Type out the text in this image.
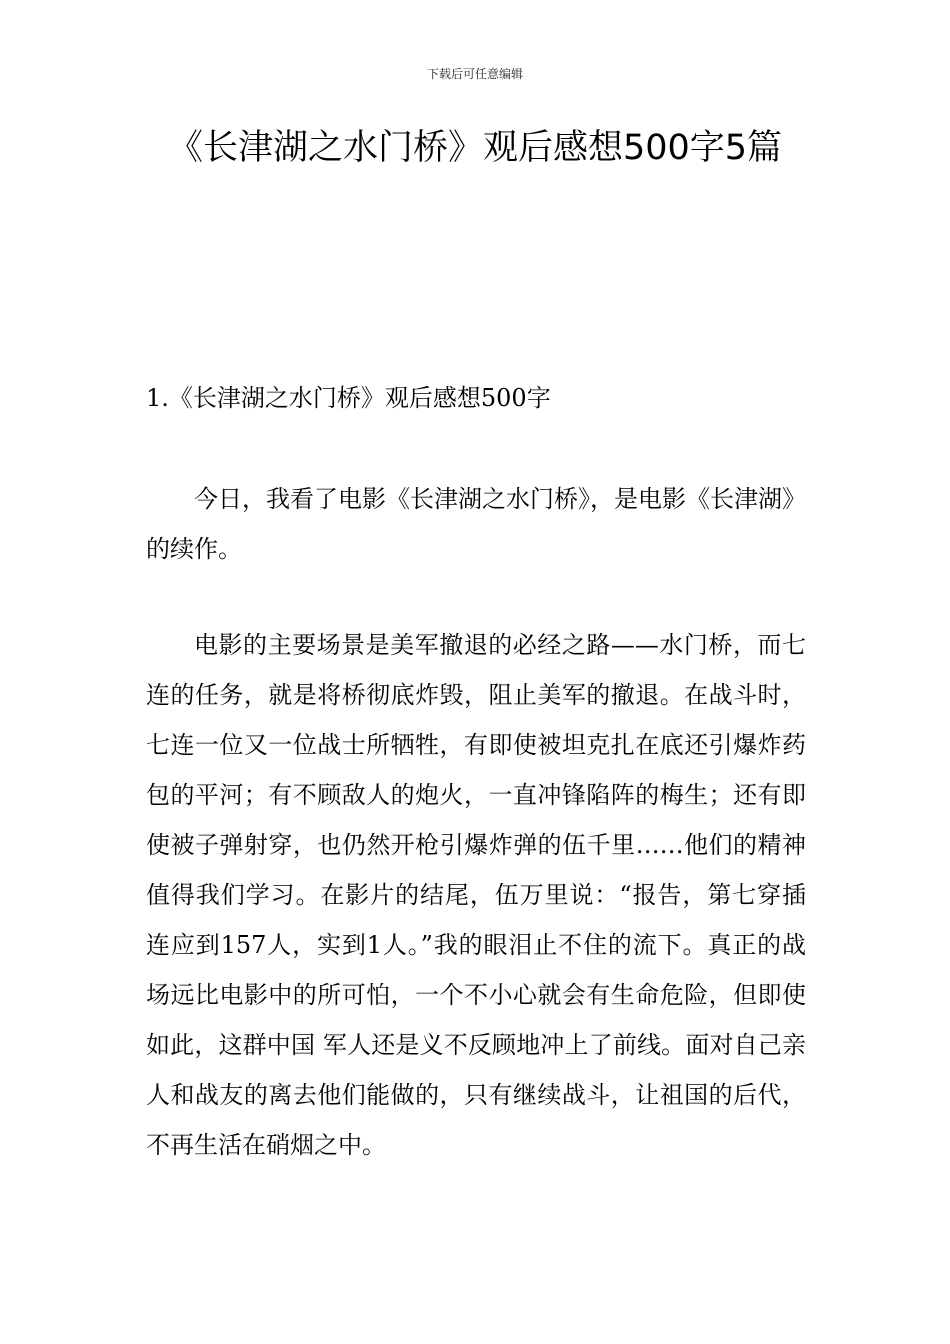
下载后可任意编辑
《长津湖之水门桥》观后感想500字5篇
1.《长津湖之水门桥》观后感想500字

今日，我看了电影《长津湖之水门桥》，是电影《长津湖》的续作。

电影的主要场景是美军撤退的必经之路——水门桥，而七连的任务，就是将桥彻底炸毁，阻止美军的撤退。在战斗时，七连一位又一位战士所牺牲，有即使被坦克扎在底还引爆炸药包的平河；有不顾敌人的炮火，一直冲锋陷阵的梅生；还有即使被子弹射穿，也仍然开枪引爆炸弹的伍千里……他们的精神值得我们学习。在影片的结尾，伍万里说：“报告，第七穿插连应到157人，实到1人。”我的眼泪止不住的流下。真正的战场远比电影中的所可怕，一个不小心就会有生命危险，但即使如此，这群中国 军人还是义不反顾地冲上了前线。面对自己亲人和战友的离去他们能做的，只有继续战斗，让祖国的后代，不再生活在硝烟之中。
